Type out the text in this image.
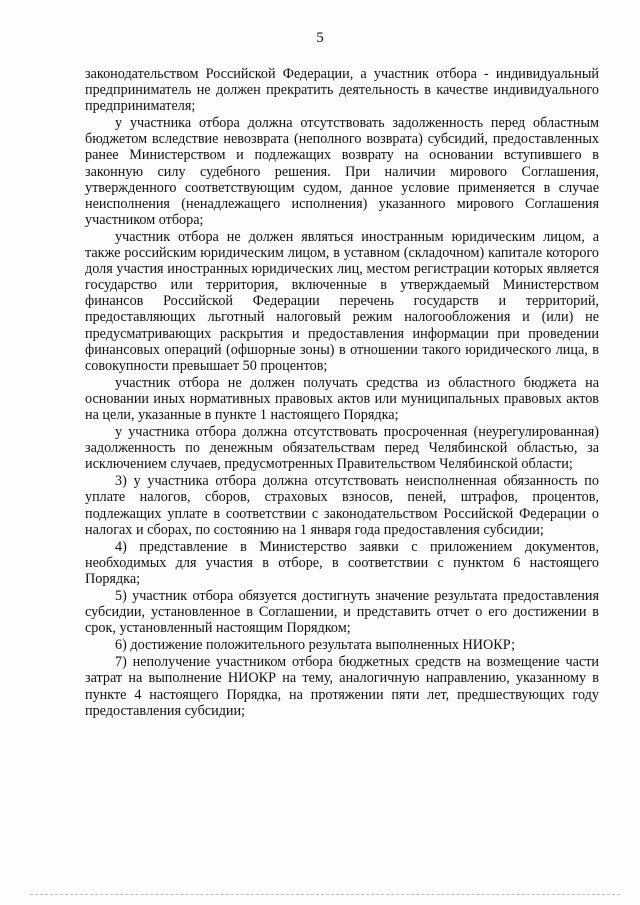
5

законодательством Российской Федерации, а участник отбора - индивидуальный предприниматель не должен прекратить деятельность в качестве индивидуального предпринимателя;

у участника отбора должна отсутствовать задолженность перед областным бюджетом вследствие невозврата (неполного возврата) субсидий, предоставленных ранее Министерством и подлежащих возврату на основании вступившего в законную силу судебного решения. При наличии мирового Соглашения, утвержденного соответствующим судом, данное условие применяется в случае неисполнения (ненадлежащего исполнения) указанного мирового Соглашения участником отбора;

участник отбора не должен являться иностранным юридическим лицом, а также российским юридическим лицом, в уставном (складочном) капитале которого доля участия иностранных юридических лиц, местом регистрации которых является государство или территория, включенные в утверждаемый Министерством финансов Российской Федерации перечень государств и территорий, предоставляющих льготный налоговый режим налогообложения и (или) не предусматривающих раскрытия и предоставления информации при проведении финансовых операций (офшорные зоны) в отношении такого юридического лица, в совокупности превышает 50 процентов;

участник отбора не должен получать средства из областного бюджета на основании иных нормативных правовых актов или муниципальных правовых актов на цели, указанные в пункте 1 настоящего Порядка;

у участника отбора должна отсутствовать просроченная (неурегулированная) задолженность по денежным обязательствам перед Челябинской областью, за исключением случаев, предусмотренных Правительством Челябинской области;

3) у участника отбора должна отсутствовать неисполненная обязанность по уплате налогов, сборов, страховых взносов, пеней, штрафов, процентов, подлежащих уплате в соответствии с законодательством Российской Федерации о налогах и сборах, по состоянию на 1 января года предоставления субсидии;

4) представление в Министерство заявки с приложением документов, необходимых для участия в отборе, в соответствии с пунктом 6 настоящего Порядка;

5) участник отбора обязуется достигнуть значение результата предоставления субсидии, установленное в Соглашении, и представить отчет о его достижении в срок, установленный настоящим Порядком;

6) достижение положительного результата выполненных НИОКР;

7) неполучение участником отбора бюджетных средств на возмещение части затрат на выполнение НИОКР на тему, аналогичную направлению, указанному в пункте 4 настоящего Порядка, на протяжении пяти лет, предшествующих году предоставления субсидии;
